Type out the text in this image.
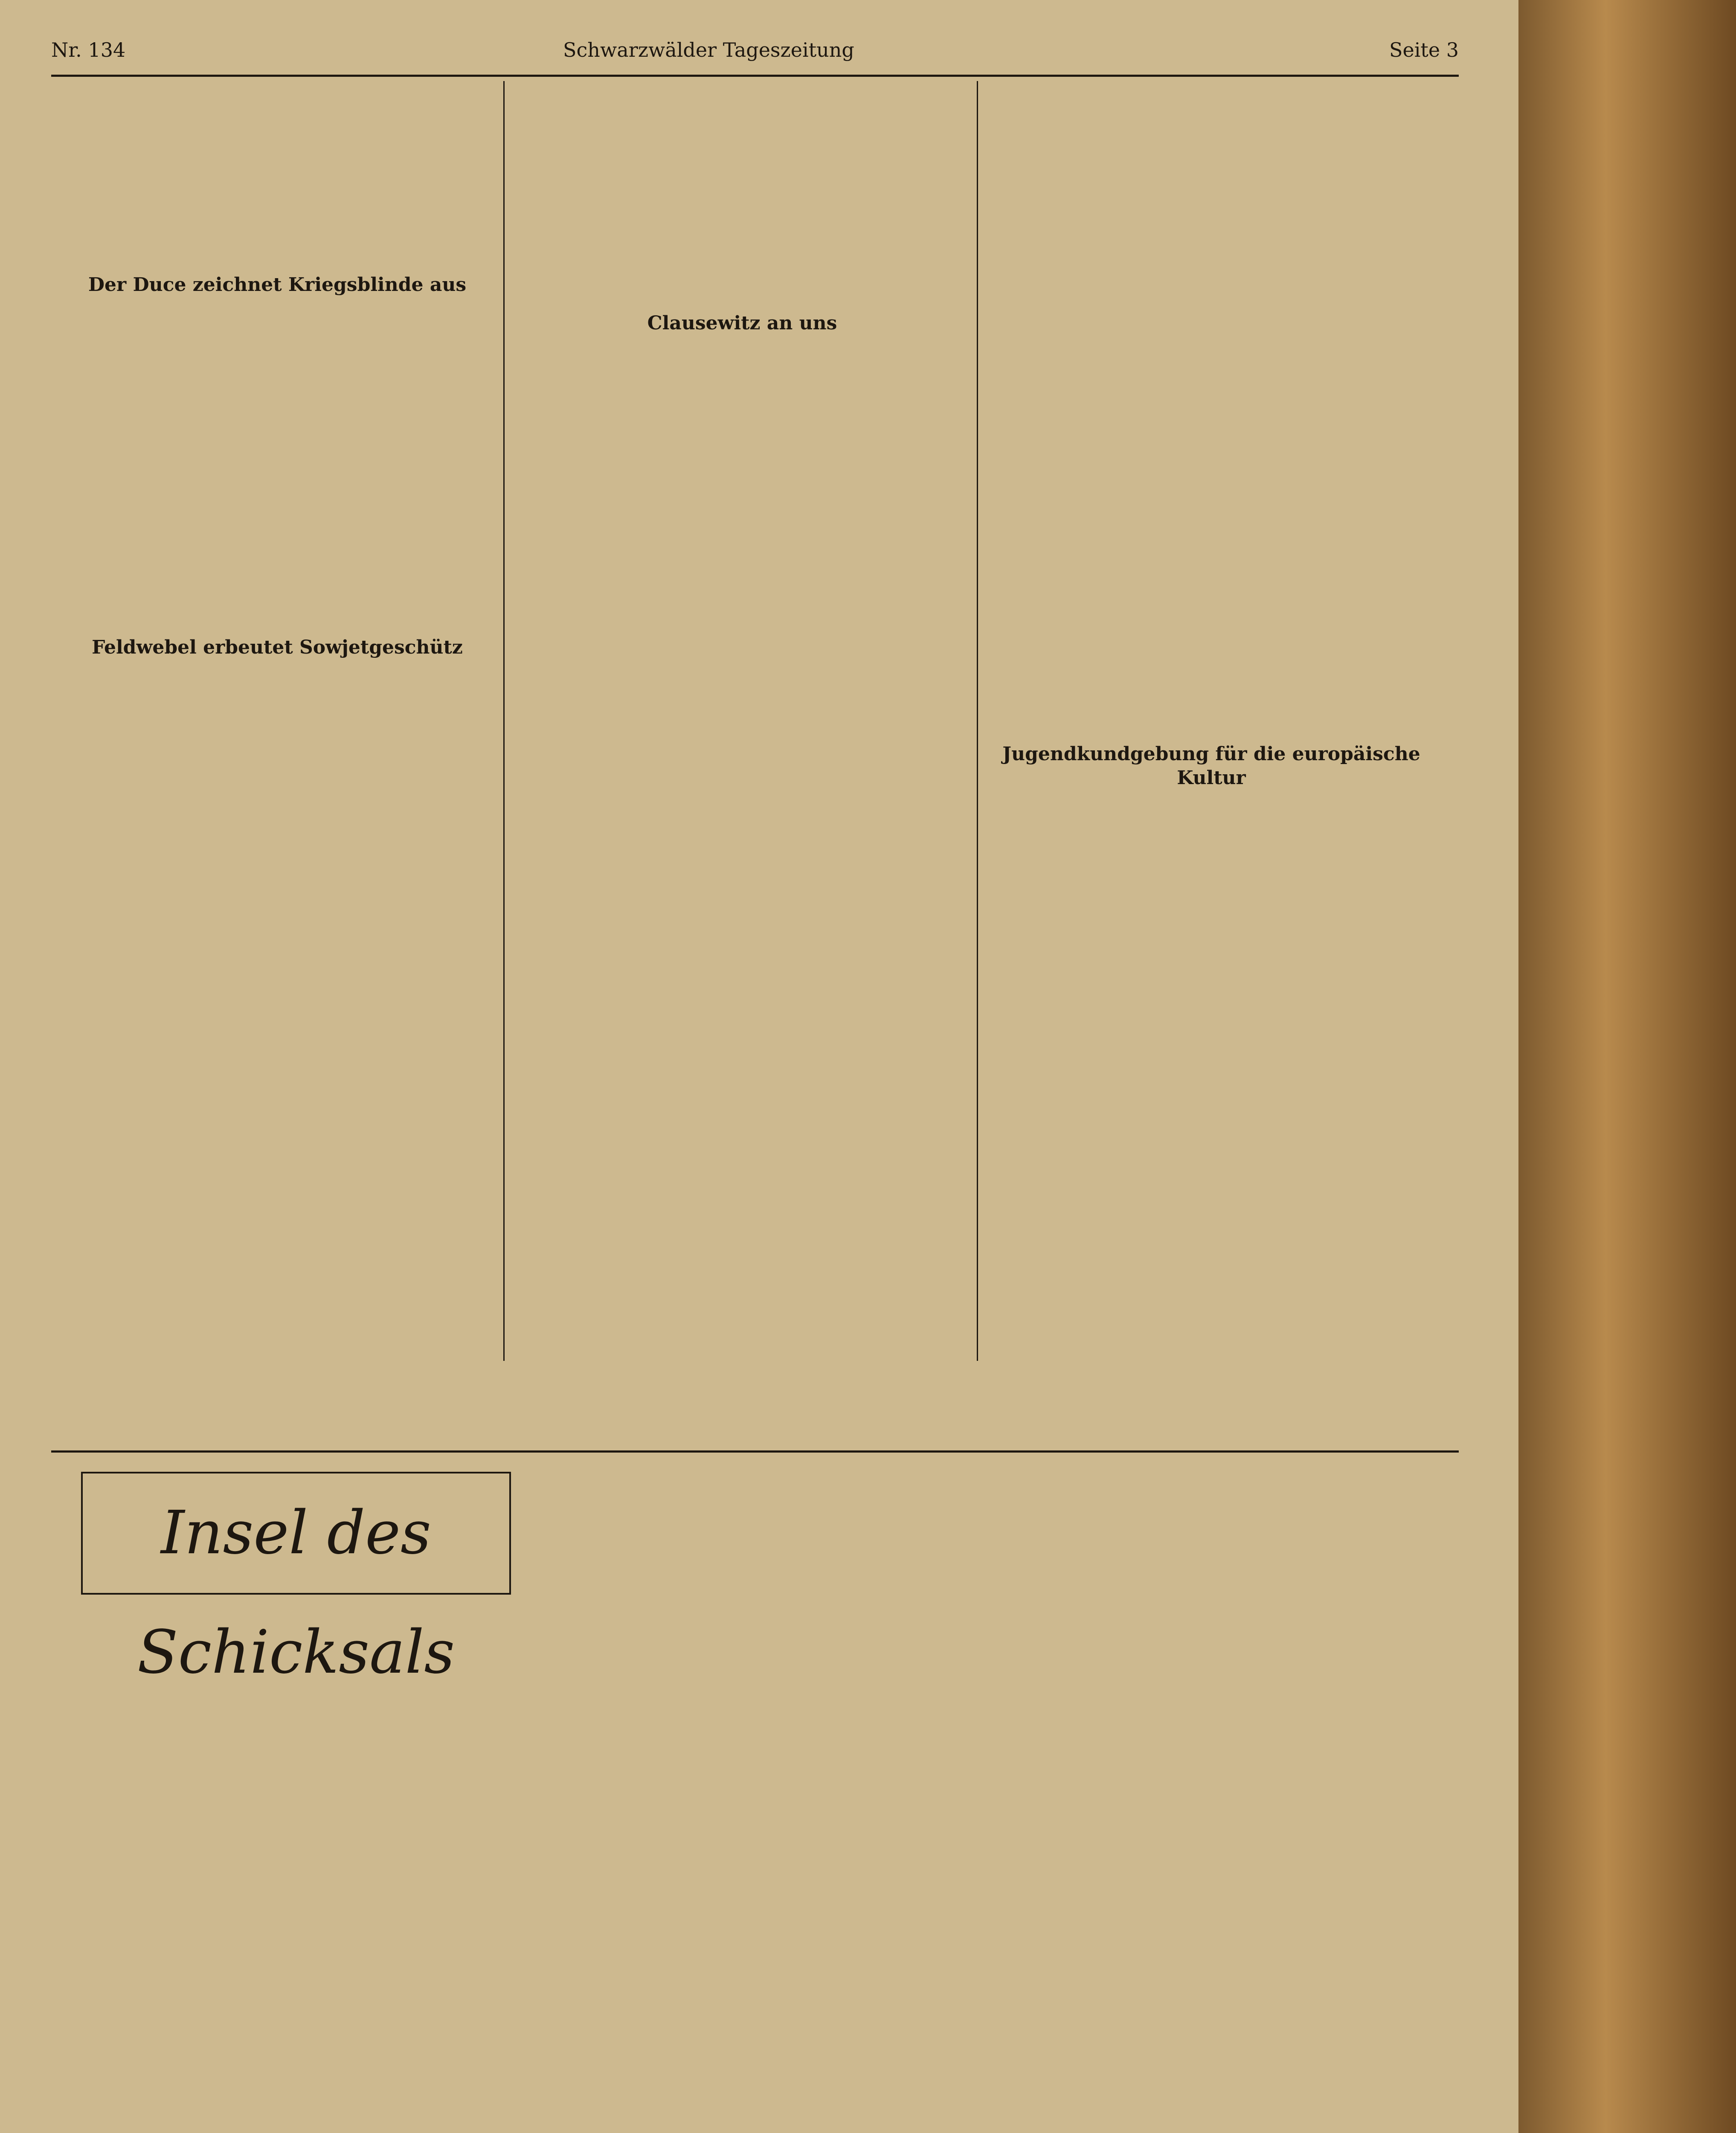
Nr. 134	Schwarzwälder Tageszeitung	Seite 3
Der Duce zeichnet Kriegsblinde aus
Feldwebel erbeutet Sowjetgeschütz
Clausewitz an uns
Jugendkundgebung für die europäische Kultur
Insel des Schicksals
